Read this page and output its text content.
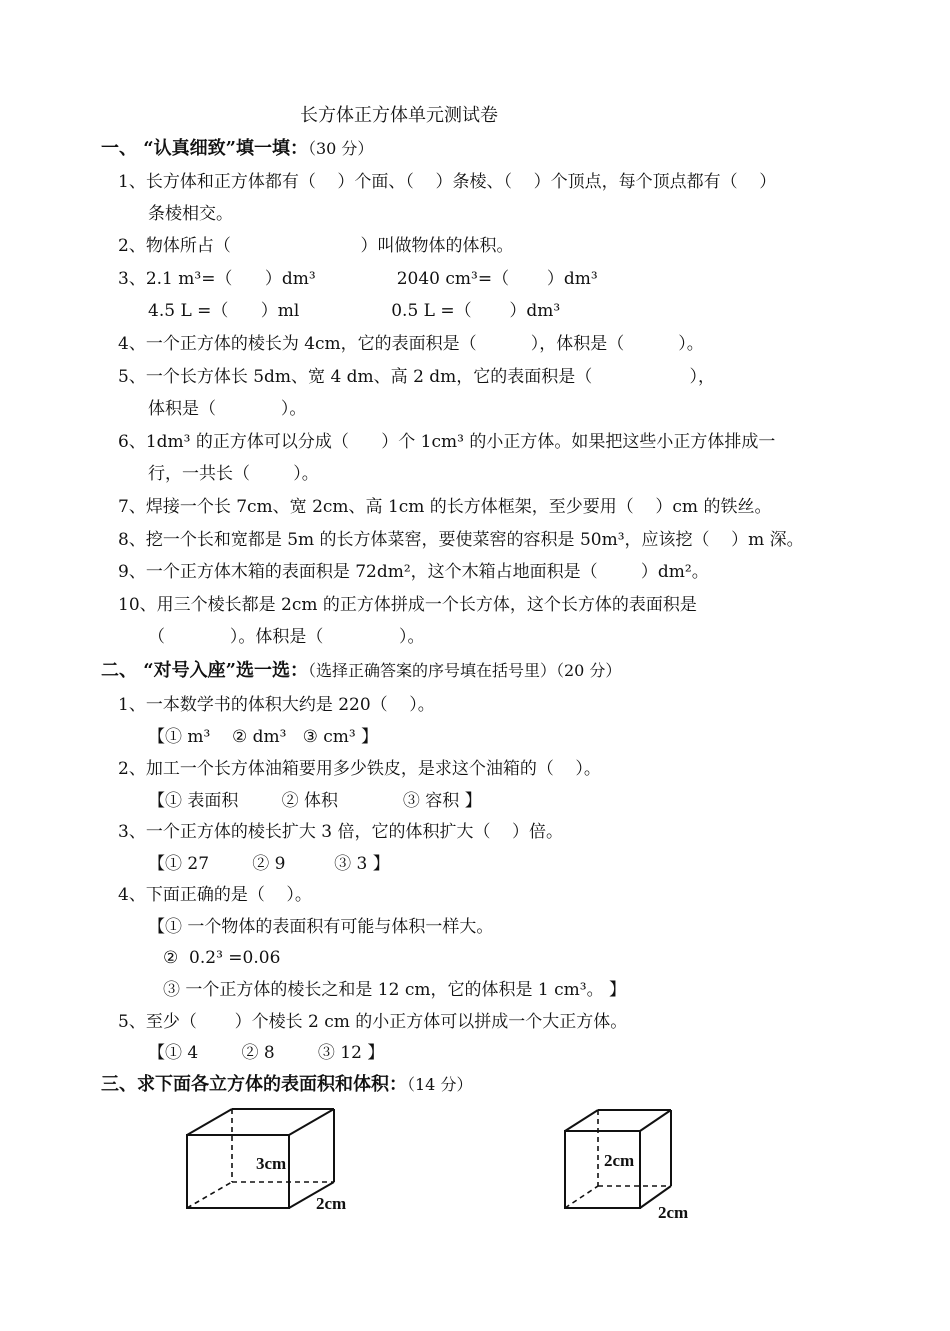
长方体正方体单元测试卷
一、 “认真细致”填一填：（30 分）
1、长方体和正方体都有（    ）个面、（    ）条棱、（    ）个顶点，每个顶点都有（    ）
条棱相交。
2、物体所占（                        ）叫做物体的体积。
3、2.1 m³=（      ）dm³               2040 cm³=（       ）dm³
4.5 L =（      ）ml                 0.5 L =（       ）dm³
4、一个正方体的棱长为 4cm，它的表面积是（          ），体积是（          ）。
5、一个长方体长 5dm、宽 4 dm、高 2 dm，它的表面积是（                  ），
体积是（            ）。
6、1dm³ 的正方体可以分成（      ）个 1cm³ 的小正方体。如果把这些小正方体排成一
行，一共长（        ）。
7、焊接一个长 7cm、宽 2cm、高 1cm 的长方体框架，至少要用（    ）cm 的铁丝。
8、挖一个长和宽都是 5m 的长方体菜窖，要使菜窖的容积是 50m³，应该挖（    ）m 深。
9、一个正方体木箱的表面积是 72dm²，这个木箱占地面积是（        ）dm²。
10、用三个棱长都是 2cm 的正方体拼成一个长方体，这个长方体的表面积是
（            ）。体积是（              ）。
二、 “对号入座”选一选：（选择正确答案的序号填在括号里）（20 分）
1、一本数学书的体积大约是 220（    ）。
【① m³    ② dm³   ③ cm³ 】
2、加工一个长方体油箱要用多少铁皮，是求这个油箱的（    ）。
【① 表面积        ② 体积            ③ 容积 】
3、一个正方体的棱长扩大 3 倍，它的体积扩大（    ）倍。
【① 27        ② 9         ③ 3 】
4、下面正确的是（    ）。
【① 一个物体的表面积有可能与体积一样大。
②  0.2³ =0.06
③ 一个正方体的棱长之和是 12 cm，它的体积是 1 cm³。 】
5、至少（       ）个棱长 2 cm 的小正方体可以拼成一个大正方体。
【① 4        ② 8        ③ 12 】
三、求下面各立方体的表面积和体积：（14 分）
3cm
2cm
2cm
2cm
